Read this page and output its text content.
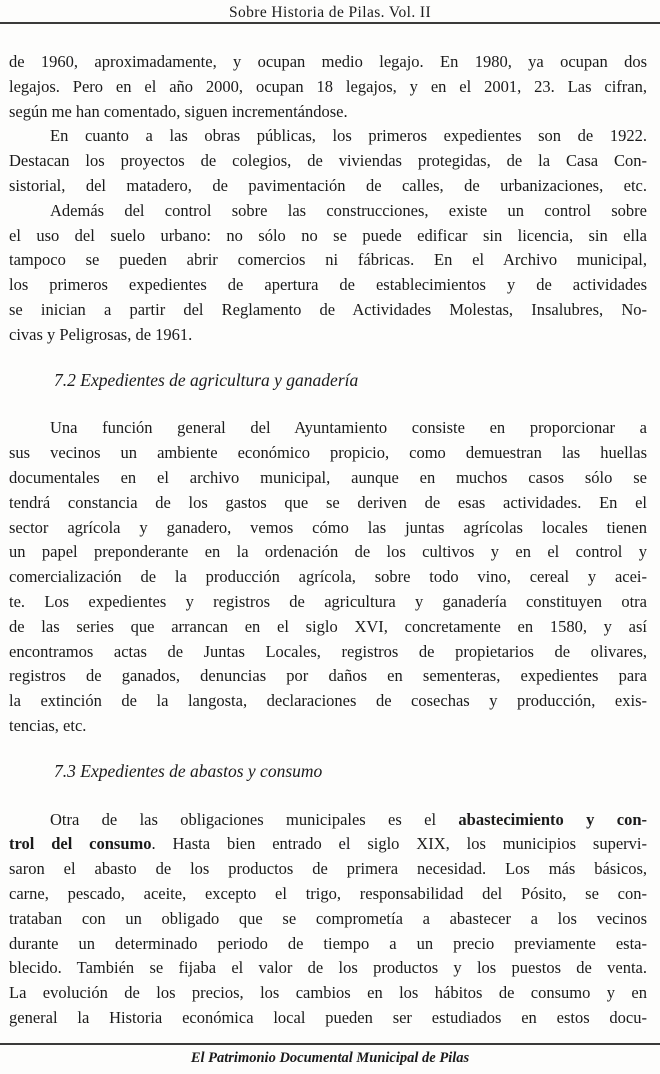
Sobre Historia de Pilas. Vol. II
de 1960, aproximadamente, y ocupan medio legajo. En 1980, ya ocupan dos
legajos. Pero en el año 2000, ocupan 18 legajos, y en el 2001, 23. Las cifran,
según me han comentado, siguen incrementándose.
En cuanto a las obras públicas, los primeros expedientes son de 1922.
Destacan los proyectos de colegios, de viviendas protegidas, de la Casa Con-
sistorial, del matadero, de pavimentación de calles, de urbanizaciones, etc.
Además del control sobre las construcciones, existe un control sobre
el uso del suelo urbano: no sólo no se puede edificar sin licencia, sin ella
tampoco se pueden abrir comercios ni fábricas. En el Archivo municipal,
los primeros expedientes de apertura de establecimientos y de actividades
se inician a partir del Reglamento de Actividades Molestas, Insalubres, No-
civas y Peligrosas, de 1961.
7.2 Expedientes de agricultura y ganadería
Una función general del Ayuntamiento consiste en proporcionar a
sus vecinos un ambiente económico propicio, como demuestran las huellas
documentales en el archivo municipal, aunque en muchos casos sólo se
tendrá constancia de los gastos que se deriven de esas actividades. En el
sector agrícola y ganadero, vemos cómo las juntas agrícolas locales tienen
un papel preponderante en la ordenación de los cultivos y en el control y
comercialización de la producción agrícola, sobre todo vino, cereal y acei-
te. Los expedientes y registros de agricultura y ganadería constituyen otra
de las series que arrancan en el siglo XVI, concretamente en 1580, y así
encontramos actas de Juntas Locales, registros de propietarios de olivares,
registros de ganados, denuncias por daños en sementeras, expedientes para
la extinción de la langosta, declaraciones de cosechas y producción, exis-
tencias, etc.
7.3 Expedientes de abastos y consumo
Otra de las obligaciones municipales es el abastecimiento y con-
trol del consumo. Hasta bien entrado el siglo XIX, los municipios supervi-
saron el abasto de los productos de primera necesidad. Los más básicos,
carne, pescado, aceite, excepto el trigo, responsabilidad del Pósito, se con-
trataban con un obligado que se comprometía a abastecer a los vecinos
durante un determinado periodo de tiempo a un precio previamente esta-
blecido. También se fijaba el valor de los productos y los puestos de venta.
La evolución de los precios, los cambios en los hábitos de consumo y en
general la Historia económica local pueden ser estudiados en estos docu-
El Patrimonio Documental Municipal de Pilas
